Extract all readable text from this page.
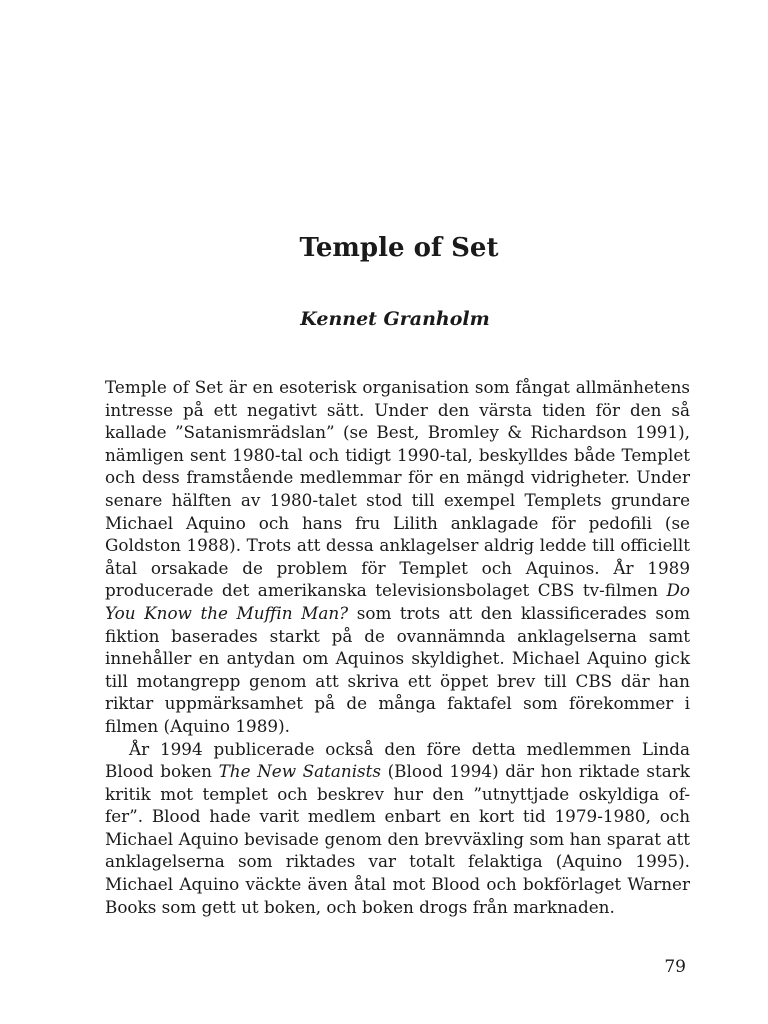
Temple of Set
Kennet Granholm

Temple of Set är en esoterisk organisation som fångat allmänhetens intresse på ett negativt sätt. Under den värsta tiden för den så kallade ”Satanismrädslan” (se Best, Bromley & Richardson 1991), nämligen sent 1980-tal och tidigt 1990-tal, beskylldes både Templet och dess framstående medlemmar för en mängd vidrigheter. Under senare hälften av 1980-talet stod till exempel Templets grundare Michael Aquino och hans fru Lilith anklagade för pedofili (se Goldston 1988). Trots att dessa anklagelser aldrig ledde till officiellt åtal orsakade de problem för Templet och Aquinos. År 1989 producerade det amerikanska televisionsbolaget CBS tv-filmen Do You Know the Muffin Man? som trots att den klassificerades som fiktion baserades starkt på de ovannämnda anklagelserna samt innehåller en antydan om Aquinos skyldighet. Michael Aquino gick till motangrepp genom att skriva ett öppet brev till CBS där han riktar uppmärksamhet på de många faktafel som förekommer i filmen (Aquino 1989).

År 1994 publicerade också den före detta medlemmen Linda Blood boken The New Satanists (Blood 1994) där hon riktade stark kritik mot templet och beskrev hur den ”utnyttjade oskyldiga of-fer”. Blood hade varit medlem enbart en kort tid 1979-1980, och Michael Aquino bevisade genom den brevväxling som han sparat att anklagelserna som riktades var totalt felaktiga (Aquino 1995). Michael Aquino väckte även åtal mot Blood och bokförlaget Warner Books som gett ut boken, och boken drogs från marknaden.

79
